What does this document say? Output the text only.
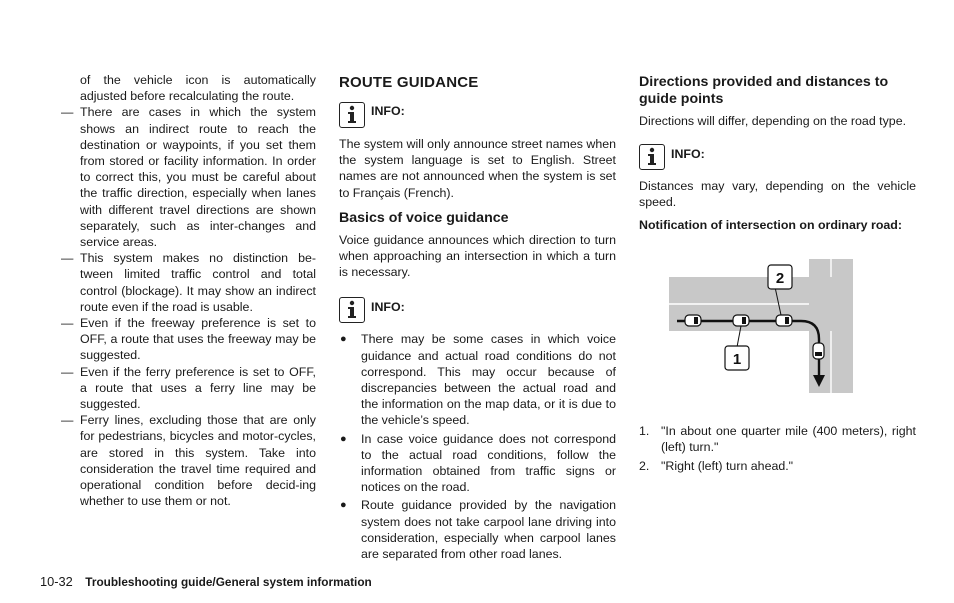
of the vehicle icon is automatically adjusted before recalculating the route.

— There are cases in which the system shows an indirect route to reach the destination or waypoints, if you set them from stored or facility information. In order to correct this, you must be careful about the traffic direction, especially when lanes with different travel directions are shown separately, such as inter-changes and service areas.
— This system makes no distinction be-tween limited traffic control and total control (blockage). It may show an indirect route even if the road is usable.
— Even if the freeway preference is set to OFF, a route that uses the freeway may be suggested.
— Even if the ferry preference is set to OFF, a route that uses a ferry line may be suggested.
— Ferry lines, excluding those that are only for pedestrians, bicycles and motor-cycles, are stored in this system. Take into consideration the travel time required and operational condition before decid-ing whether to use them or not.
ROUTE GUIDANCE
INFO:

The system will only announce street names when the system language is set to English. Street names are not announced when the system is set to Français (French).

Basics of voice guidance

Voice guidance announces which direction to turn when approaching an intersection in which a turn is necessary.

INFO:
● There may be some cases in which voice guidance and actual road conditions do not correspond. This may occur because of discrepancies between the actual road and the information on the map data, or it is due to the vehicle’s speed.
● In case voice guidance does not correspond to the actual road conditions, follow the information obtained from traffic signs or notices on the road.
● Route guidance provided by the navigation system does not take carpool lane driving into consideration, especially when carpool lanes are separated from other road lanes.
Directions provided and distances to guide points

Directions will differ, depending on the road type.

INFO:

Distances may vary, depending on the vehicle speed.

Notification of intersection on ordinary road:

2
1
1. "In about one quarter mile (400 meters), right (left) turn."
2. "Right (left) turn ahead."
10-32 Troubleshooting guide/General system information
